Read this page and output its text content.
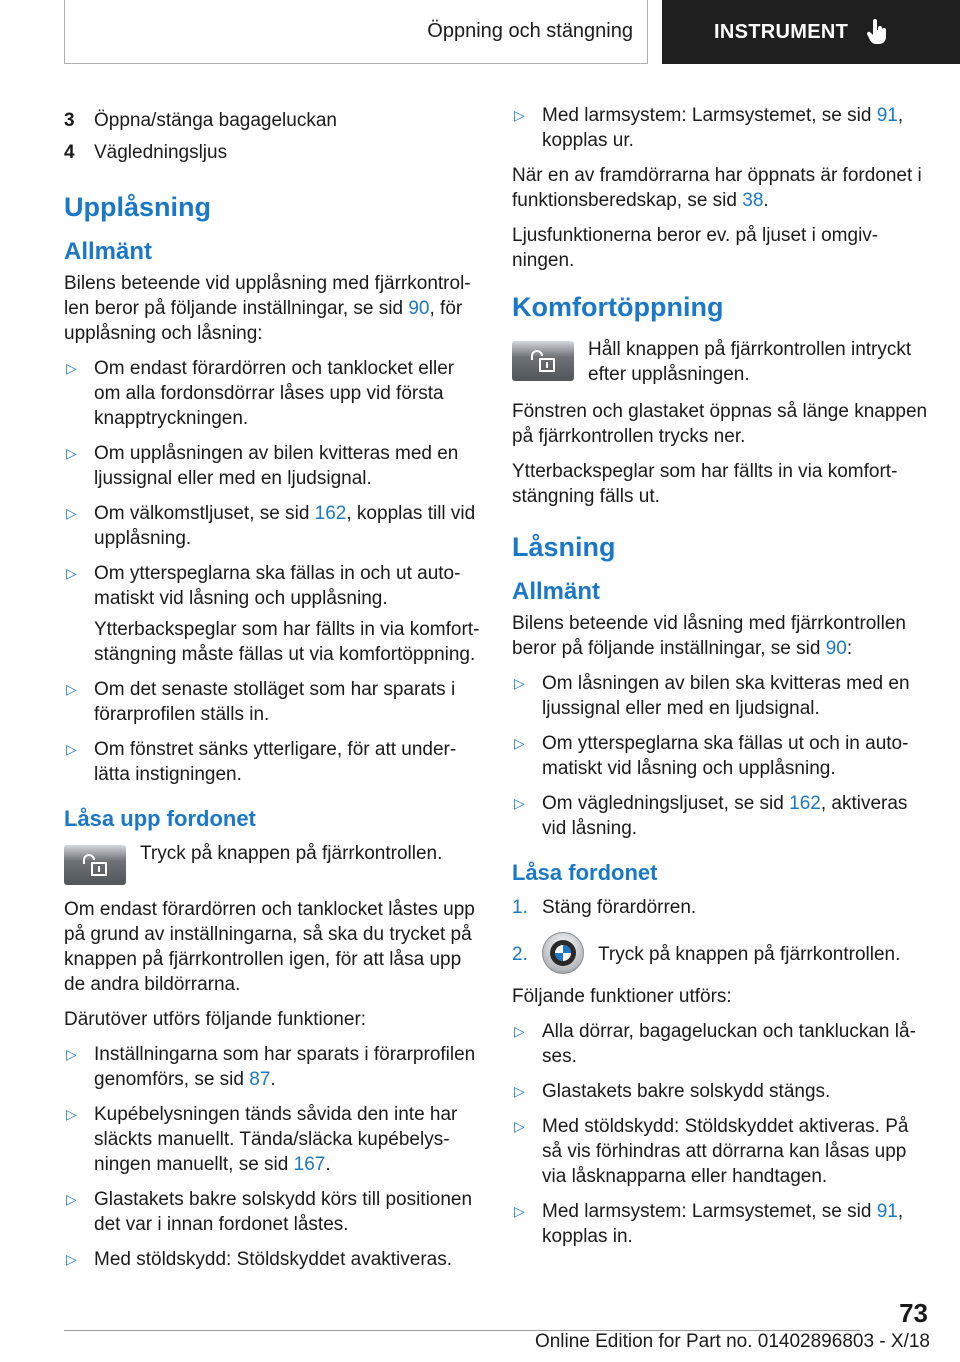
Öppning och stängning	INSTRUMENT
3	Öppna/stänga bagageluckan
4	Vägledningsljus
Upplåsning
Allmänt

Bilens beteende vid upplåsning med fjärrkontrol‐len beror på följande inställningar, se sid 90, för upplåsning och låsning:

▷ Om endast förardörren och tanklocket eller om alla fordonsdörrar låses upp vid första knapptryckningen.
▷ Om upplåsningen av bilen kvitteras med en ljussignal eller med en ljudsignal.
▷ Om välkomstljuset, se sid 162, kopplas till vid upplåsning.
▷ Om ytterspeglarna ska fällas in och ut auto‐matiskt vid låsning och upplåsning.
Ytterbackspeglar som har fällts in via komfort‐stängning måste fällas ut via komfortöppning.
▷ Om det senaste stolläget som har sparats i förarprofilen ställs in.
▷ Om fönstret sänks ytterligare, för att under‐lätta instigningen.
Låsa upp fordonet
Tryck på knappen på fjärrkontrollen.

Om endast förardörren och tanklocket låstes upp på grund av inställningarna, så ska du trycket på knappen på fjärrkontrollen igen, för att låsa upp de andra bildörrarna.

Därutöver utförs följande funktioner:

▷ Inställningarna som har sparats i förarprofilen genomförs, se sid 87.
▷ Kupébelysningen tänds såvida den inte har släckts manuellt. Tända/släcka kupébelys‐ningen manuellt, se sid 167.
▷ Glastakets bakre solskydd körs till positionen det var i innan fordonet låstes.
▷ Med stöldskydd: Stöldskyddet avaktiveras.
▷ Med larmsystem: Larmsystemet, se sid 91, kopplas ur.

När en av framdörrarna har öppnats är fordonet i funktionsberedskap, se sid 38.

Ljusfunktionerna beror ev. på ljuset i omgiv‐ningen.

Komfortöppning
Håll knappen på fjärrkontrollen intryckt efter upplåsningen.

Fönstren och glastaket öppnas så länge knappen på fjärrkontrollen trycks ner.

Ytterbackspeglar som har fällts in via komfort‐stängning fälls ut.

Låsning
Allmänt

Bilens beteende vid låsning med fjärrkontrollen beror på följande inställningar, se sid 90:

▷ Om låsningen av bilen ska kvitteras med en ljussignal eller med en ljudsignal.
▷ Om ytterspeglarna ska fällas ut och in auto‐matiskt vid låsning och upplåsning.
▷ Om vägledningsljuset, se sid 162, aktiveras vid låsning.
Låsa fordonet
1. Stäng förardörren.
2.	Tryck på knappen på fjärrkontrollen.

Följande funktioner utförs:

▷ Alla dörrar, bagageluckan och tankluckan lå‐ses.
▷ Glastakets bakre solskydd stängs.
▷ Med stöldskydd: Stöldskyddet aktiveras. På så vis förhindras att dörrarna kan låsas upp via låsknapparna eller handtagen.
▷ Med larmsystem: Larmsystemet, se sid 91, kopplas in.
73
Online Edition for Part no. 01402896803 - X/18
